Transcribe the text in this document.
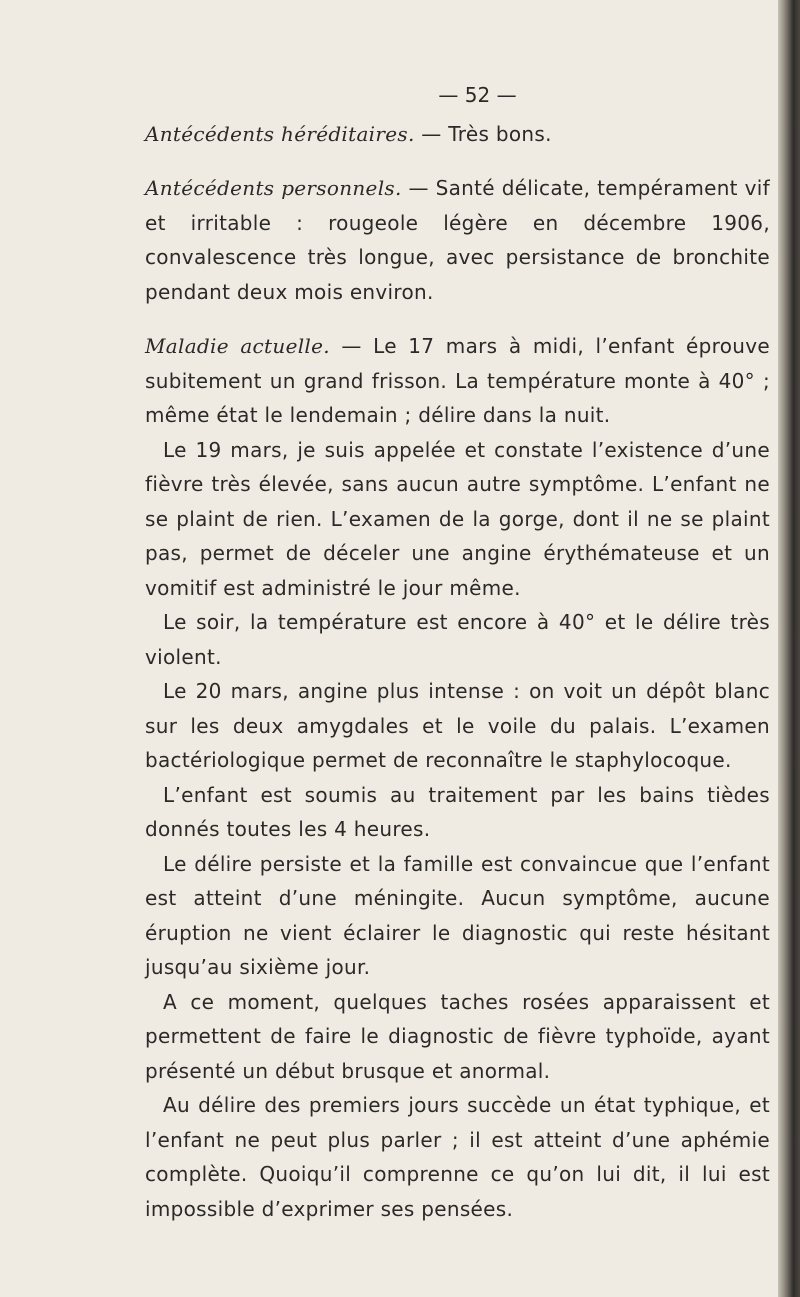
— 52 —

Antécédents héréditaires. — Très bons.

Antécédents personnels. — Santé délicate, tempérament vif et irritable : rougeole légère en décembre 1906, convalescence très longue, avec persistance de bronchite pendant deux mois environ.

Maladie actuelle. — Le 17 mars à midi, l’enfant éprouve subitement un grand frisson. La température monte à 40° ; même état le lendemain ; délire dans la nuit.

Le 19 mars, je suis appelée et constate l’existence d’une fièvre très élevée, sans aucun autre symptôme. L’enfant ne se plaint de rien. L’examen de la gorge, dont il ne se plaint pas, permet de déceler une angine érythémateuse et un vomitif est administré le jour même.

Le soir, la température est encore à 40° et le délire très violent.

Le 20 mars, angine plus intense : on voit un dépôt blanc sur les deux amygdales et le voile du palais. L’examen bactériologique permet de reconnaître le staphylocoque.

L’enfant est soumis au traitement par les bains tièdes donnés toutes les 4 heures.

Le délire persiste et la famille est convaincue que l’enfant est atteint d’une méningite. Aucun symptôme, aucune éruption ne vient éclairer le diagnostic qui reste hésitant jusqu’au sixième jour.

A ce moment, quelques taches rosées apparaissent et permettent de faire le diagnostic de fièvre typhoïde, ayant présenté un début brusque et anormal.

Au délire des premiers jours succède un état typhique, et l’enfant ne peut plus parler ; il est atteint d’une aphémie complète. Quoiqu’il comprenne ce qu’on lui dit, il lui est impossible d’exprimer ses pensées.
